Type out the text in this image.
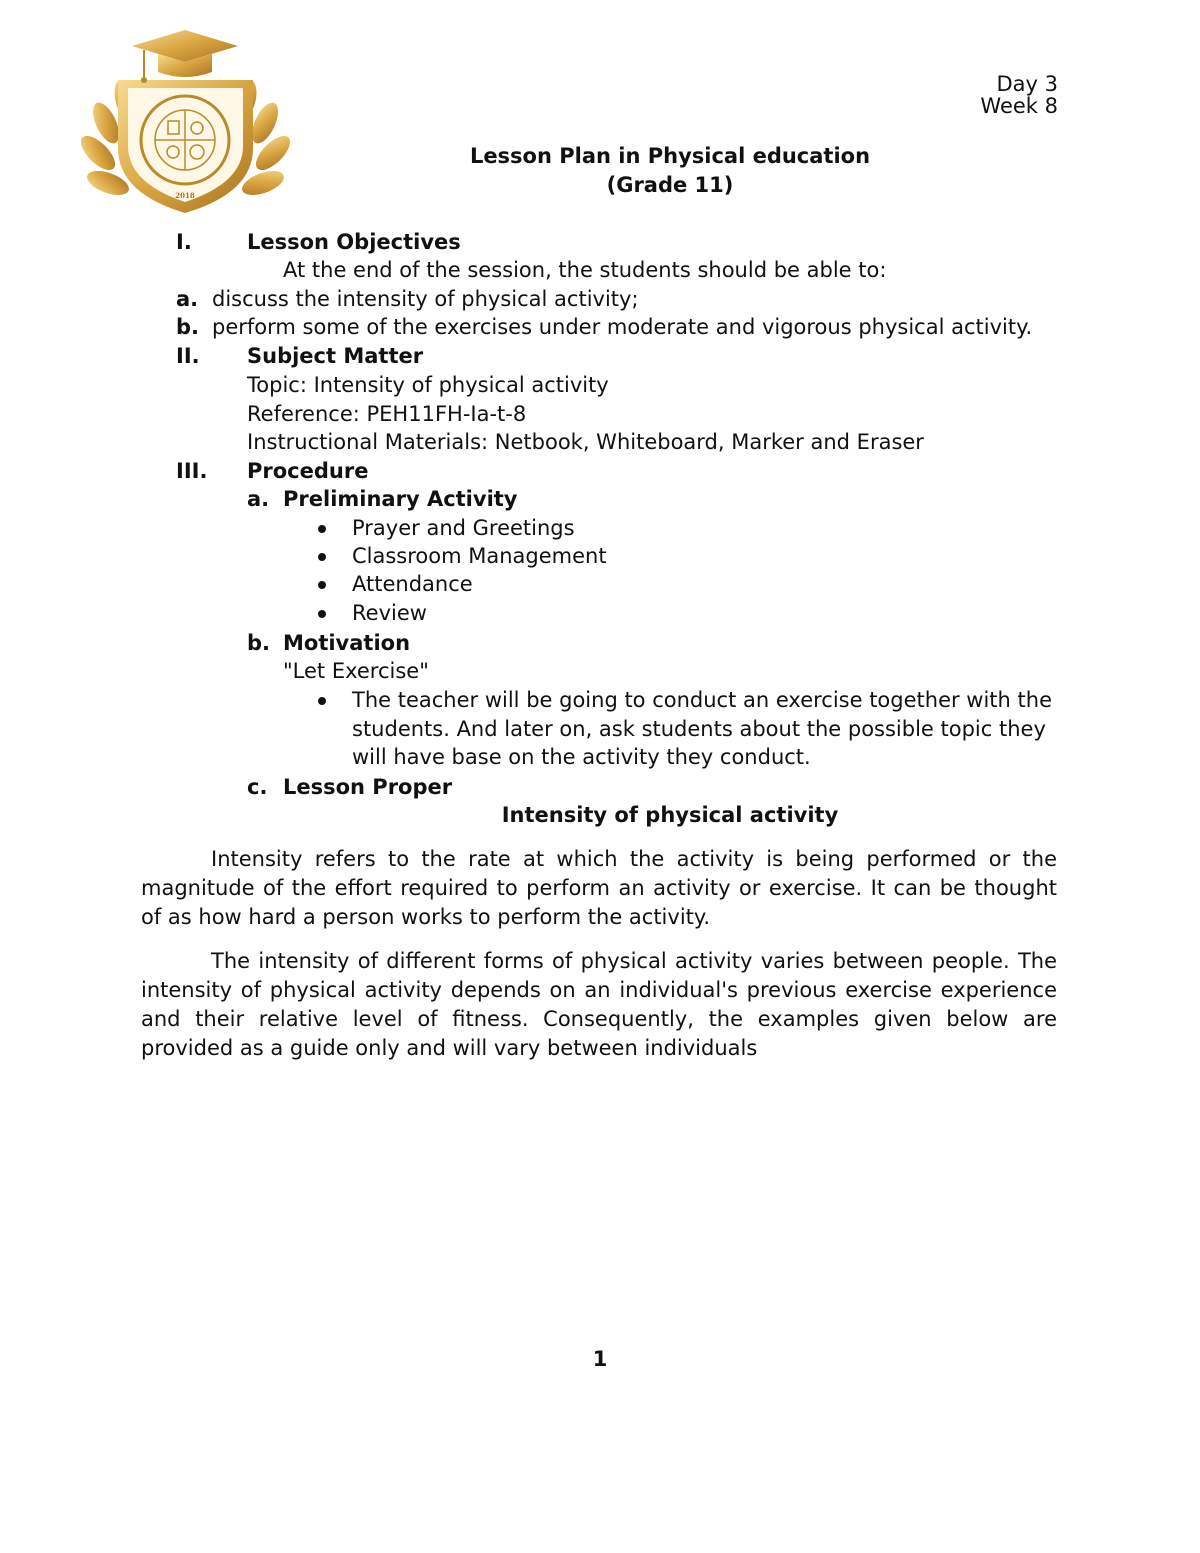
2018
Day 3
Week 8
Lesson Plan in Physical education
(Grade 11)
I.	Lesson Objectives
At the end of the session, the students should be able to:
a. discuss the intensity of physical activity;
b. perform some of the exercises under moderate and vigorous physical activity.
II. Subject Matter
Topic: Intensity of physical activity
Reference: PEH11FH-Ia-t-8
Instructional Materials: Netbook, Whiteboard, Marker and Eraser
III. Procedure
a. Preliminary Activity
Prayer and Greetings
Classroom Management
Attendance
Review
b. Motivation
"Let Exercise"
The teacher will be going to conduct an exercise together with the
students. And later on, ask students about the possible topic they
will have base on the activity they conduct.
c. Lesson Proper
Intensity of physical activity
Intensity refers to the rate at which the activity is being performed or the magnitude of the effort required to perform an activity or exercise. It can be thought of as how hard a person works to perform the activity.
The intensity of different forms of physical activity varies between people. The intensity of physical activity depends on an individual's previous exercise experience and their relative level of fitness. Consequently, the examples given below are provided as a guide only and will vary between individuals
1
